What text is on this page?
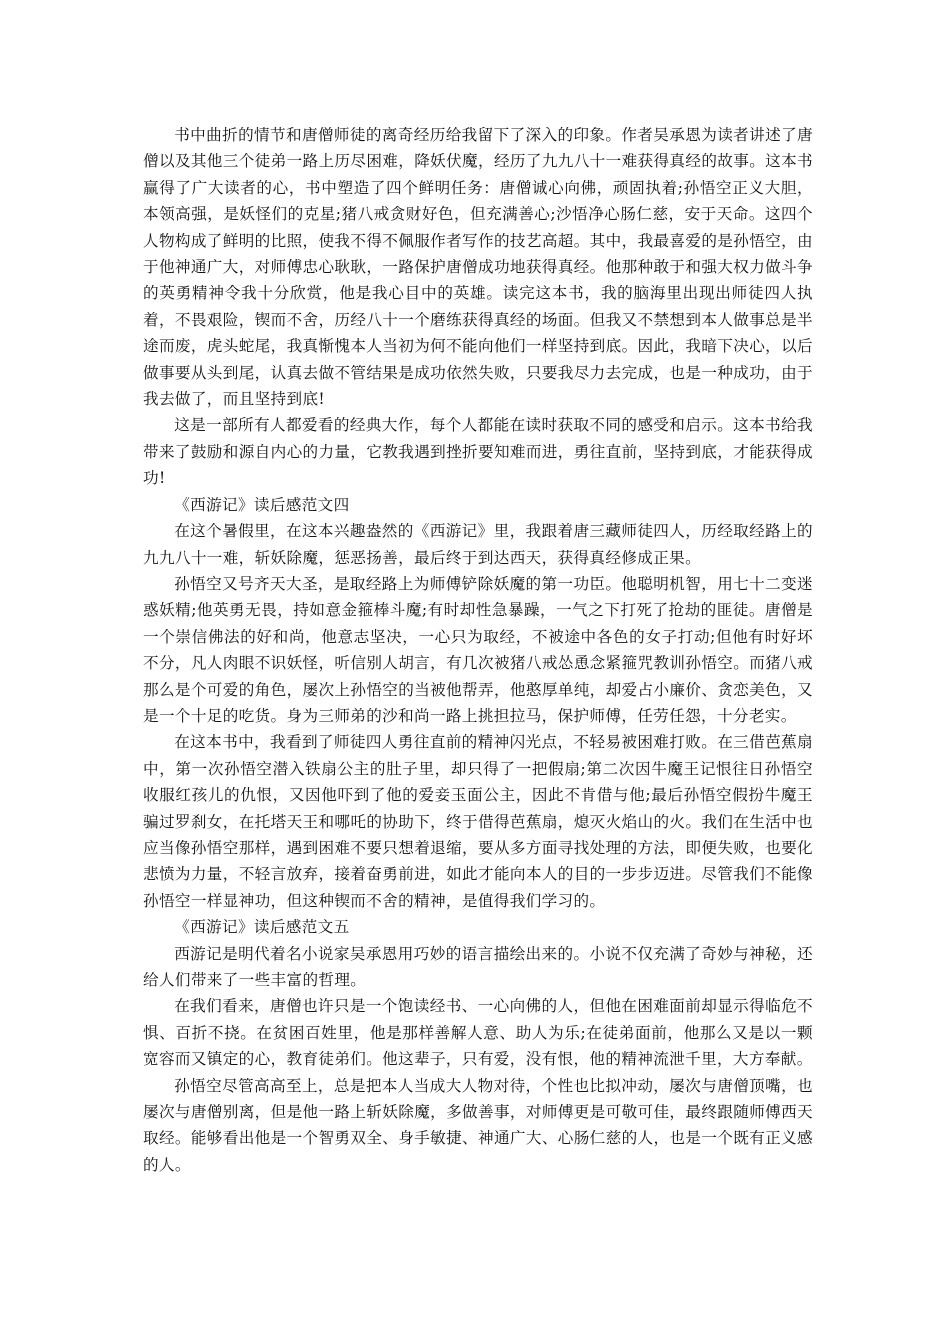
书中曲折的情节和唐僧师徒的离奇经历给我留下了深入的印象。作者吴承恩为读者讲述了唐僧以及其他三个徒弟一路上历尽困难，降妖伏魔，经历了九九八十一难获得真经的故事。这本书赢得了广大读者的心，书中塑造了四个鲜明任务：唐僧诚心向佛，顽固执着;孙悟空正义大胆，本领高强，是妖怪们的克星;猪八戒贪财好色，但充满善心;沙悟净心肠仁慈，安于天命。这四个人物构成了鲜明的比照，使我不得不佩服作者写作的技艺高超。其中，我最喜爱的是孙悟空，由于他神通广大，对师傅忠心耿耿，一路保护唐僧成功地获得真经。他那种敢于和强大权力做斗争的英勇精神令我十分欣赏，他是我心目中的英雄。读完这本书，我的脑海里出现出师徒四人执着，不畏艰险，锲而不舍，历经八十一个磨练获得真经的场面。但我又不禁想到本人做事总是半途而废，虎头蛇尾，我真惭愧本人当初为何不能向他们一样坚持到底。因此，我暗下决心，以后做事要从头到尾，认真去做不管结果是成功依然失败，只要我尽力去完成，也是一种成功，由于我去做了，而且坚持到底!

这是一部所有人都爱看的经典大作，每个人都能在读时获取不同的感受和启示。这本书给我带来了鼓励和源自内心的力量，它教我遇到挫折要知难而进，勇往直前，坚持到底，才能获得成功!

《西游记》读后感范文四

在这个暑假里，在这本兴趣盎然的《西游记》里，我跟着唐三藏师徒四人，历经取经路上的九九八十一难，斩妖除魔，惩恶扬善，最后终于到达西天，获得真经修成正果。

孙悟空又号齐天大圣，是取经路上为师傅铲除妖魔的第一功臣。他聪明机智，用七十二变迷惑妖精;他英勇无畏，持如意金箍棒斗魔;有时却性急暴躁，一气之下打死了抢劫的匪徒。唐僧是一个崇信佛法的好和尚，他意志坚决，一心只为取经，不被途中各色的女子打动;但他有时好坏不分，凡人肉眼不识妖怪，听信别人胡言，有几次被猪八戒怂恿念紧箍咒教训孙悟空。而猪八戒那么是个可爱的角色，屡次上孙悟空的当被他帮弄，他憨厚单纯，却爱占小廉价、贪恋美色，又是一个十足的吃货。身为三师弟的沙和尚一路上挑担拉马，保护师傅，任劳任怨，十分老实。

在这本书中，我看到了师徒四人勇往直前的精神闪光点，不轻易被困难打败。在三借芭蕉扇中，第一次孙悟空潜入铁扇公主的肚子里，却只得了一把假扇;第二次因牛魔王记恨往日孙悟空收服红孩儿的仇恨，又因他吓到了他的爱妾玉面公主，因此不肯借与他;最后孙悟空假扮牛魔王骗过罗刹女，在托塔天王和哪吒的协助下，终于借得芭蕉扇，熄灭火焰山的火。我们在生活中也应当像孙悟空那样，遇到困难不要只想着退缩，要从多方面寻找处理的方法，即便失败，也要化悲愤为力量，不轻言放弃，接着奋勇前进，如此才能向本人的目的一步步迈进。尽管我们不能像孙悟空一样显神功，但这种锲而不舍的精神，是值得我们学习的。

《西游记》读后感范文五

西游记是明代着名小说家吴承恩用巧妙的语言描绘出来的。小说不仅充满了奇妙与神秘，还给人们带来了一些丰富的哲理。

在我们看来，唐僧也许只是一个饱读经书、一心向佛的人，但他在困难面前却显示得临危不惧、百折不挠。在贫困百姓里，他是那样善解人意、助人为乐;在徒弟面前，他那么又是以一颗宽容而又镇定的心，教育徒弟们。他这辈子，只有爱，没有恨，他的精神流泄千里，大方奉献。

孙悟空尽管高高至上，总是把本人当成大人物对待，个性也比拟冲动，屡次与唐僧顶嘴，也屡次与唐僧别离，但是他一路上斩妖除魔，多做善事，对师傅更是可敬可佳，最终跟随师傅西天取经。能够看出他是一个智勇双全、身手敏捷、神通广大、心肠仁慈的人，也是一个既有正义感的人。
